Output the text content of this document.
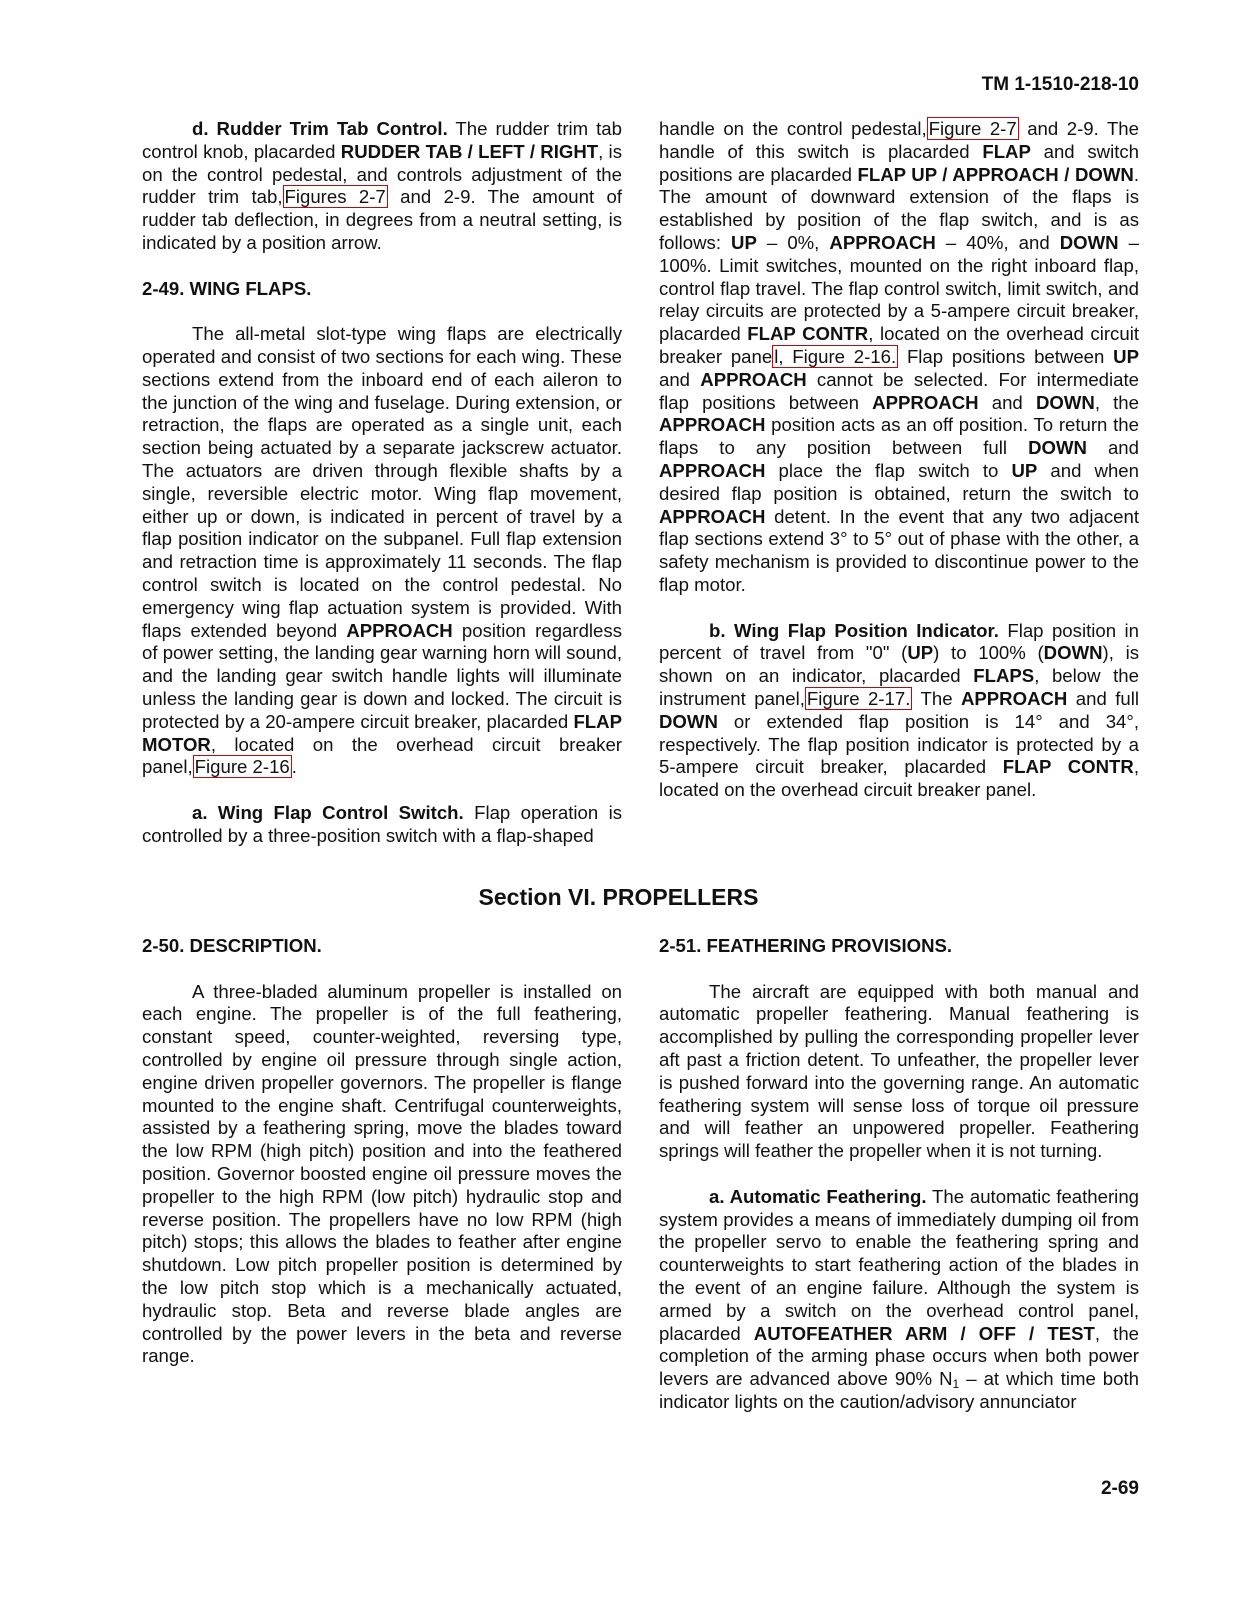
TM 1-1510-218-10

d. Rudder Trim Tab Control. The rudder trim tab control knob, placarded RUDDER TAB / LEFT / RIGHT, is on the control pedestal, and controls adjustment of the rudder trim tab, Figures 2-7 and 2-9. The amount of rudder tab deflection, in degrees from a neutral setting, is indicated by a position arrow.

2-49. WING FLAPS.

The all-metal slot-type wing flaps are electrically operated and consist of two sections for each wing. These sections extend from the inboard end of each aileron to the junction of the wing and fuselage. During extension, or retraction, the flaps are operated as a single unit, each section being actuated by a separate jackscrew actuator. The actuators are driven through flexible shafts by a single, reversible electric motor. Wing flap movement, either up or down, is indicated in percent of travel by a flap position indicator on the subpanel. Full flap extension and retraction time is approximately 11 seconds. The flap control switch is located on the control pedestal. No emergency wing flap actuation system is provided. With flaps extended beyond APPROACH position regardless of power setting, the landing gear warning horn will sound, and the landing gear switch handle lights will illuminate unless the landing gear is down and locked. The circuit is protected by a 20-ampere circuit breaker, placarded FLAP MOTOR, located on the overhead circuit breaker panel, Figure 2-16 .

a. Wing Flap Control Switch. Flap operation is controlled by a three-position switch with a flap-shaped

handle on the control pedestal, Figure 2-7 and 2-9. The handle of this switch is placarded FLAP and switch positions are placarded FLAP UP / APPROACH / DOWN. The amount of downward extension of the flaps is established by position of the flap switch, and is as follows: UP – 0%, APPROACH – 40%, and DOWN – 100%. Limit switches, mounted on the right inboard flap, control flap travel. The flap control switch, limit switch, and relay circuits are protected by a 5-ampere circuit breaker, placarded FLAP CONTR, located on the overhead circuit breaker pane l, Figure 2-16. Flap positions between UP and APPROACH cannot be selected. For intermediate flap positions between APPROACH and DOWN, the APPROACH position acts as an off position. To return the flaps to any position between full DOWN and APPROACH place the flap switch to UP and when desired flap position is obtained, return the switch to APPROACH detent. In the event that any two adjacent flap sections extend 3° to 5° out of phase with the other, a safety mechanism is provided to discontinue power to the flap motor.

b. Wing Flap Position Indicator. Flap position in percent of travel from "0" (UP) to 100% (DOWN), is shown on an indicator, placarded FLAPS, below the instrument panel, Figure 2-17. The APPROACH and full DOWN or extended flap position is 14° and 34°, respectively. The flap position indicator is protected by a 5-ampere circuit breaker, placarded FLAP CONTR, located on the overhead circuit breaker panel.

Section VI. PROPELLERS

2-50. DESCRIPTION.

A three-bladed aluminum propeller is installed on each engine. The propeller is of the full feathering, constant speed, counter-weighted, reversing type, controlled by engine oil pressure through single action, engine driven propeller governors. The propeller is flange mounted to the engine shaft. Centrifugal counterweights, assisted by a feathering spring, move the blades toward the low RPM (high pitch) position and into the feathered position. Governor boosted engine oil pressure moves the propeller to the high RPM (low pitch) hydraulic stop and reverse position. The propellers have no low RPM (high pitch) stops; this allows the blades to feather after engine shutdown. Low pitch propeller position is determined by the low pitch stop which is a mechanically actuated, hydraulic stop. Beta and reverse blade angles are controlled by the power levers in the beta and reverse range.

2-51. FEATHERING PROVISIONS.

The aircraft are equipped with both manual and automatic propeller feathering. Manual feathering is accomplished by pulling the corresponding propeller lever aft past a friction detent. To unfeather, the propeller lever is pushed forward into the governing range. An automatic feathering system will sense loss of torque oil pressure and will feather an unpowered propeller. Feathering springs will feather the propeller when it is not turning.

a. Automatic Feathering. The automatic feathering system provides a means of immediately dumping oil from the propeller servo to enable the feathering spring and counterweights to start feathering action of the blades in the event of an engine failure. Although the system is armed by a switch on the overhead control panel, placarded AUTOFEATHER ARM / OFF / TEST, the completion of the arming phase occurs when both power levers are advanced above 90% $N_1$ – at which time both indicator lights on the caution/advisory annunciator

2-69
